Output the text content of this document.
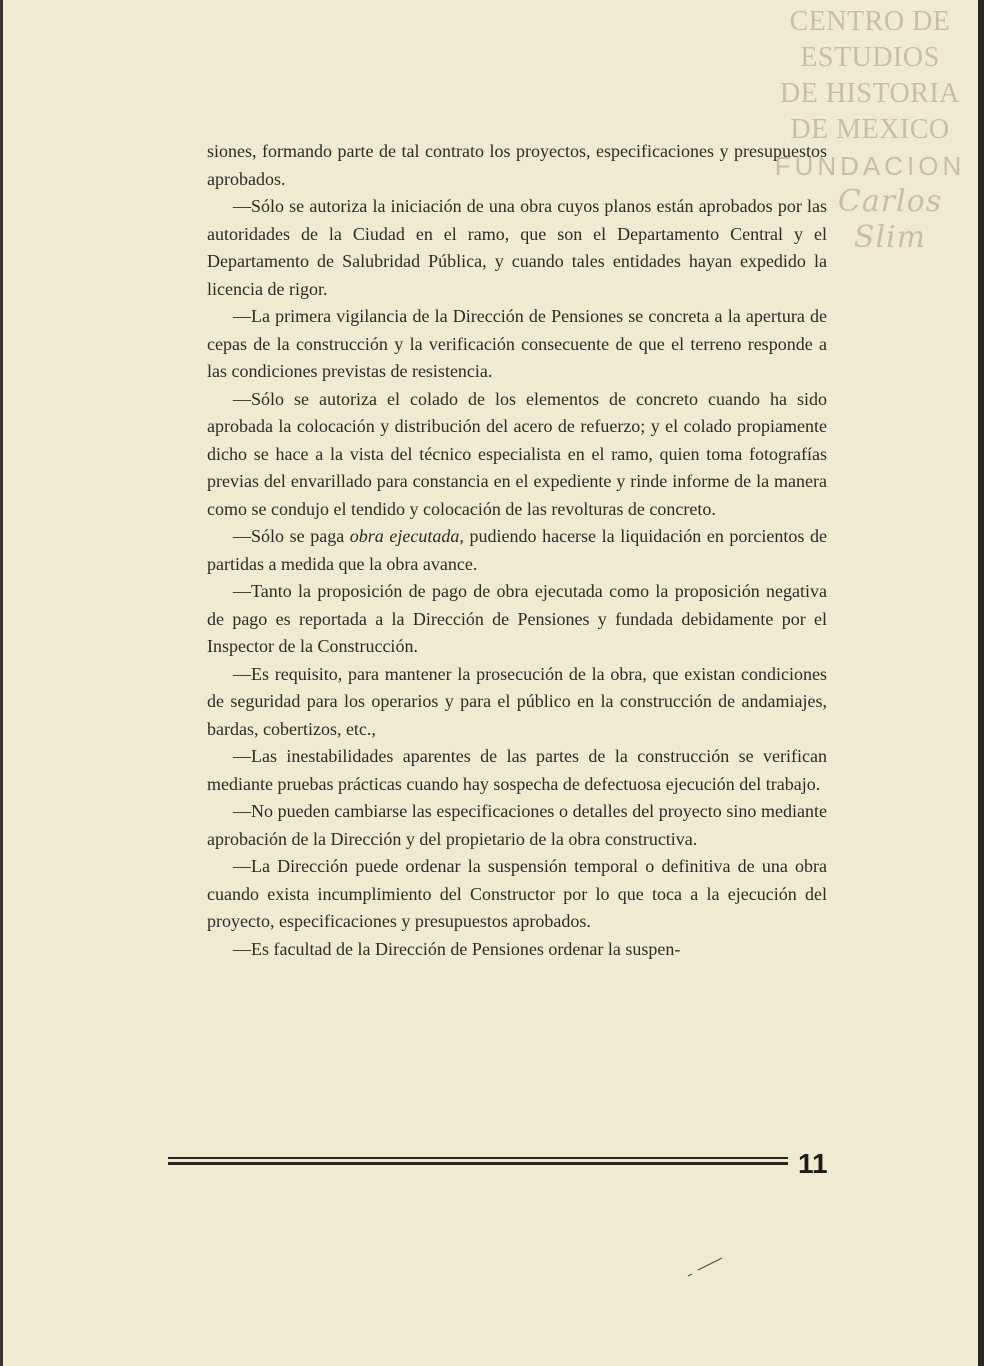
CENTRO DE
ESTUDIOS
DE HISTORIA
DE MEXICO
FUNDACION
Carlos Slim

siones, formando parte de tal contrato los proyectos, especificaciones y presupuestos aprobados.

—Sólo se autoriza la iniciación de una obra cuyos planos están aprobados por las autoridades de la Ciudad en el ramo, que son el Departamento Central y el Departamento de Salubridad Pública, y cuando tales entidades hayan expedido la licencia de rigor.

—La primera vigilancia de la Dirección de Pensiones se concreta a la apertura de cepas de la construcción y la verificación consecuente de que el terreno responde a las condiciones previstas de resistencia.

—Sólo se autoriza el colado de los elementos de concreto cuando ha sido aprobada la colocación y distribución del acero de refuerzo; y el colado propiamente dicho se hace a la vista del técnico especialista en el ramo, quien toma fotografías previas del envarillado para constancia en el expediente y rinde informe de la manera como se condujo el tendido y colocación de las revolturas de concreto.

—Sólo se paga obra ejecutada, pudiendo hacerse la liquidación en porcientos de partidas a medida que la obra avance.

—Tanto la proposición de pago de obra ejecutada como la proposición negativa de pago es reportada a la Dirección de Pensiones y fundada debidamente por el Inspector de la Construcción.

—Es requisito, para mantener la prosecución de la obra, que existan condiciones de seguridad para los operarios y para el público en la construcción de andamiajes, bardas, cobertizos, etc.,

—Las inestabilidades aparentes de las partes de la construcción se verifican mediante pruebas prácticas cuando hay sospecha de defectuosa ejecución del trabajo.

—No pueden cambiarse las especificaciones o detalles del proyecto sino mediante aprobación de la Dirección y del propietario de la obra constructiva.

—La Dirección puede ordenar la suspensión temporal o definitiva de una obra cuando exista incumplimiento del Constructor por lo que toca a la ejecución del proyecto, especificaciones y presupuestos aprobados.

—Es facultad de la Dirección de Pensiones ordenar la suspen-

11
